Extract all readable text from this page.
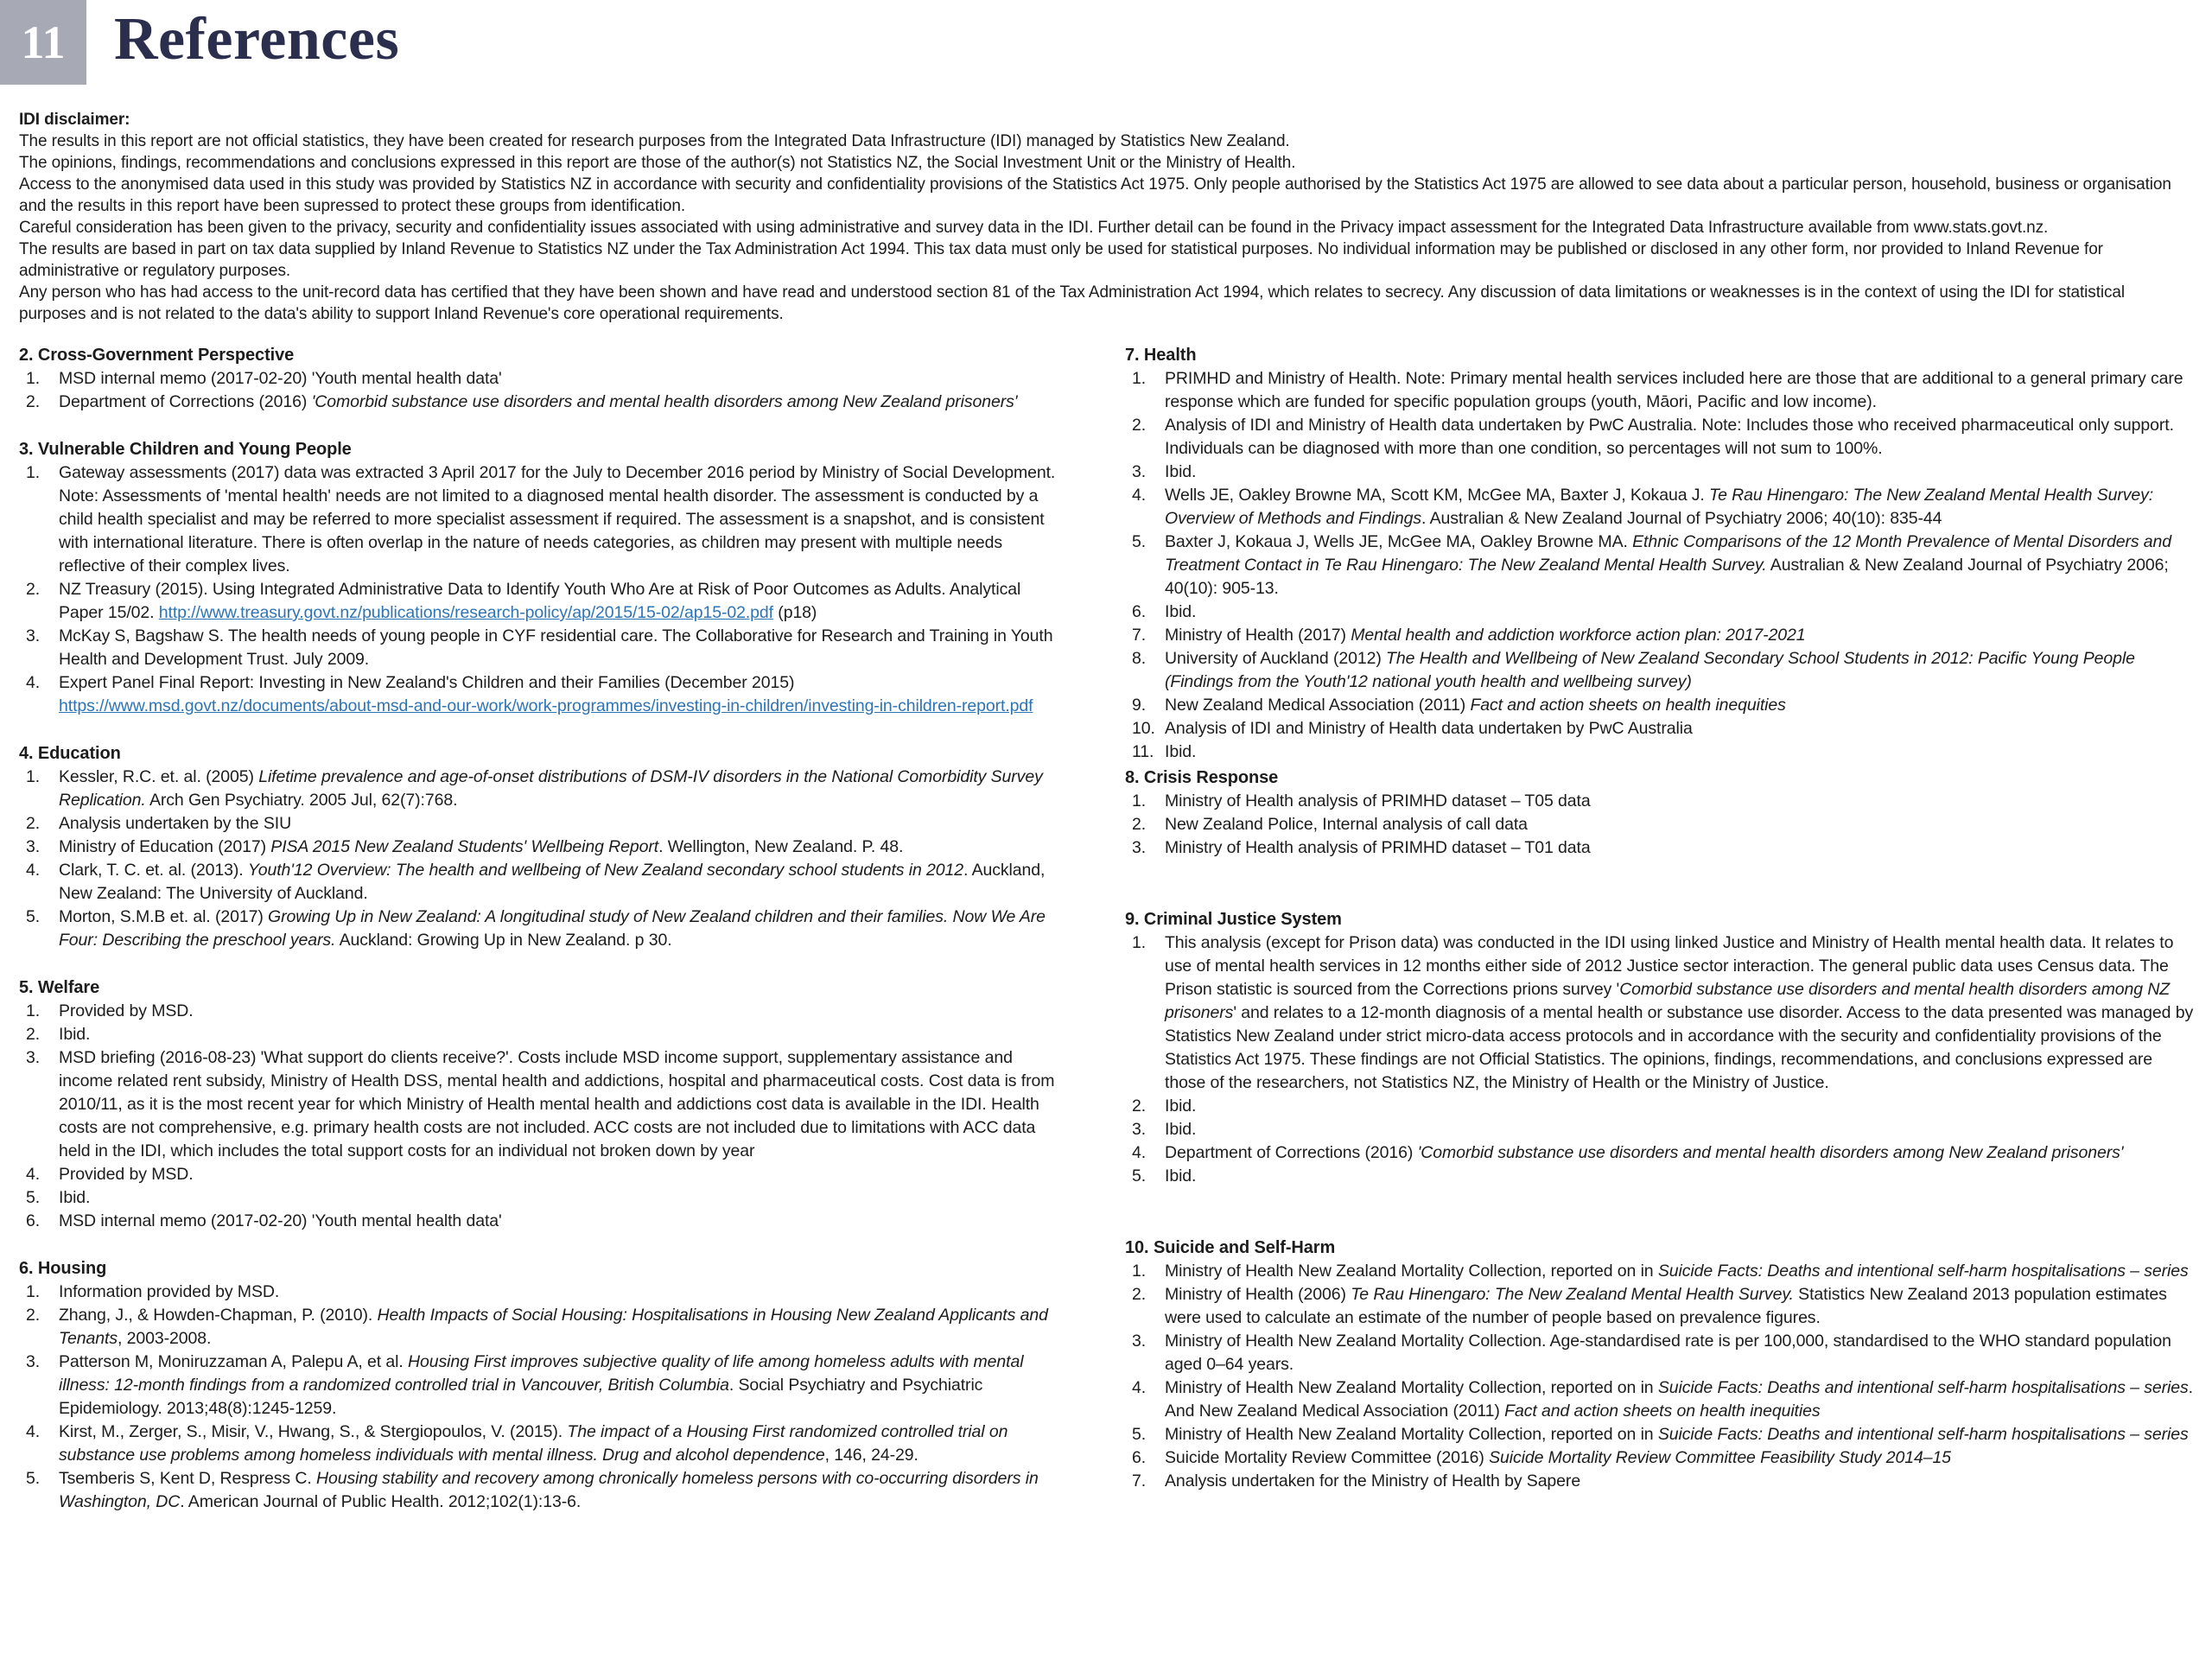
11 References
IDI disclaimer:

The results in this report are not official statistics, they have been created for research purposes from the Integrated Data Infrastructure (IDI) managed by Statistics New Zealand.

The opinions, findings, recommendations and conclusions expressed in this report are those of the author(s) not Statistics NZ, the Social Investment Unit or the Ministry of Health.

Access to the anonymised data used in this study was provided by Statistics NZ in accordance with security and confidentiality provisions of the Statistics Act 1975. Only people authorised by the Statistics Act 1975 are allowed to see data about a particular person, household, business or organisation and the results in this report have been supressed to protect these groups from identification.

Careful consideration has been given to the privacy, security and confidentiality issues associated with using administrative and survey data in the IDI. Further detail can be found in the Privacy impact assessment for the Integrated Data Infrastructure available from www.stats.govt.nz.

The results are based in part on tax data supplied by Inland Revenue to Statistics NZ under the Tax Administration Act 1994. This tax data must only be used for statistical purposes. No individual information may be published or disclosed in any other form, nor provided to Inland Revenue for administrative or regulatory purposes.

Any person who has had access to the unit-record data has certified that they have been shown and have read and understood section 81 of the Tax Administration Act 1994, which relates to secrecy. Any discussion of data limitations or weaknesses is in the context of using the IDI for statistical purposes and is not related to the data's ability to support Inland Revenue's core operational requirements.

2. Cross-Government Perspective
MSD internal memo (2017-02-20) 'Youth mental health data'
Department of Corrections (2016) 'Comorbid substance use disorders and mental health disorders among New Zealand prisoners'
3. Vulnerable Children and Young People
Gateway assessments (2017) data was extracted 3 April 2017 for the July to December 2016 period by Ministry of Social Development. Note: Assessments of 'mental health' needs are not limited to a diagnosed mental health disorder. The assessment is conducted by a child health specialist and may be referred to more specialist assessment if required. The assessment is a snapshot, and is consistent with international literature. There is often overlap in the nature of needs categories, as children may present with multiple needs reflective of their complex lives.
NZ Treasury (2015). Using Integrated Administrative Data to Identify Youth Who Are at Risk of Poor Outcomes as Adults. Analytical Paper 15/02. http://www.treasury.govt.nz/publications/research-policy/ap/2015/15-02/ap15-02.pdf (p18)
McKay S, Bagshaw S. The health needs of young people in CYF residential care. The Collaborative for Research and Training in Youth Health and Development Trust. July 2009.
Expert Panel Final Report: Investing in New Zealand's Children and their Families (December 2015)
https://www.msd.govt.nz/documents/about-msd-and-our-work/work-programmes/investing-in-children/investing-in-children-report.pdf
4. Education
Kessler, R.C. et. al. (2005) Lifetime prevalence and age-of-onset distributions of DSM-IV disorders in the National Comorbidity Survey Replication. Arch Gen Psychiatry. 2005 Jul, 62(7):768.
Analysis undertaken by the SIU
Ministry of Education (2017) PISA 2015 New Zealand Students' Wellbeing Report. Wellington, New Zealand. P. 48.
Clark, T. C. et. al. (2013). Youth'12 Overview: The health and wellbeing of New Zealand secondary school students in 2012. Auckland, New Zealand: The University of Auckland.
Morton, S.M.B et. al. (2017) Growing Up in New Zealand: A longitudinal study of New Zealand children and their families. Now We Are Four: Describing the preschool years. Auckland: Growing Up in New Zealand. p 30.
5. Welfare
Provided by MSD.
Ibid.
MSD briefing (2016-08-23) 'What support do clients receive?'. Costs include MSD income support, supplementary assistance and income related rent subsidy, Ministry of Health DSS, mental health and addictions, hospital and pharmaceutical costs. Cost data is from 2010/11, as it is the most recent year for which Ministry of Health mental health and addictions cost data is available in the IDI. Health costs are not comprehensive, e.g. primary health costs are not included. ACC costs are not included due to limitations with ACC data held in the IDI, which includes the total support costs for an individual not broken down by year
Provided by MSD.
Ibid.
MSD internal memo (2017-02-20) 'Youth mental health data'
6. Housing
Information provided by MSD.
Zhang, J., & Howden-Chapman, P. (2010). Health Impacts of Social Housing: Hospitalisations in Housing New Zealand Applicants and Tenants, 2003-2008.
Patterson M, Moniruzzaman A, Palepu A, et al. Housing First improves subjective quality of life among homeless adults with mental illness: 12-month findings from a randomized controlled trial in Vancouver, British Columbia. Social Psychiatry and Psychiatric Epidemiology. 2013;48(8):1245-1259.
Kirst, M., Zerger, S., Misir, V., Hwang, S., & Stergiopoulos, V. (2015). The impact of a Housing First randomized controlled trial on substance use problems among homeless individuals with mental illness. Drug and alcohol dependence, 146, 24-29.
Tsemberis S, Kent D, Respress C. Housing stability and recovery among chronically homeless persons with co-occurring disorders in Washington, DC. American Journal of Public Health. 2012;102(1):13-6.
7. Health
PRIMHD and Ministry of Health. Note: Primary mental health services included here are those that are additional to a general primary care response which are funded for specific population groups (youth, Māori, Pacific and low income).
Analysis of IDI and Ministry of Health data undertaken by PwC Australia. Note: Includes those who received pharmaceutical only support. Individuals can be diagnosed with more than one condition, so percentages will not sum to 100%.
Ibid.
Wells JE, Oakley Browne MA, Scott KM, McGee MA, Baxter J, Kokaua J. Te Rau Hinengaro: The New Zealand Mental Health Survey: Overview of Methods and Findings. Australian & New Zealand Journal of Psychiatry 2006; 40(10): 835-44
Baxter J, Kokaua J, Wells JE, McGee MA, Oakley Browne MA. Ethnic Comparisons of the 12 Month Prevalence of Mental Disorders and Treatment Contact in Te Rau Hinengaro: The New Zealand Mental Health Survey. Australian & New Zealand Journal of Psychiatry 2006; 40(10): 905-13.
Ibid.
Ministry of Health (2017) Mental health and addiction workforce action plan: 2017-2021
University of Auckland (2012) The Health and Wellbeing of New Zealand Secondary School Students in 2012: Pacific Young People (Findings from the Youth'12 national youth health and wellbeing survey)
New Zealand Medical Association (2011) Fact and action sheets on health inequities
Analysis of IDI and Ministry of Health data undertaken by PwC Australia
Ibid.
8. Crisis Response
Ministry of Health analysis of PRIMHD dataset – T05 data
New Zealand Police, Internal analysis of call data
Ministry of Health analysis of PRIMHD dataset – T01 data
9. Criminal Justice System
This analysis (except for Prison data) was conducted in the IDI using linked Justice and Ministry of Health mental health data. It relates to use of mental health services in 12 months either side of 2012 Justice sector interaction. The general public data uses Census data. The Prison statistic is sourced from the Corrections prions survey 'Comorbid substance use disorders and mental health disorders among NZ prisoners' and relates to a 12-month diagnosis of a mental health or substance use disorder. Access to the data presented was managed by Statistics New Zealand under strict micro-data access protocols and in accordance with the security and confidentiality provisions of the Statistics Act 1975. These findings are not Official Statistics. The opinions, findings, recommendations, and conclusions expressed are those of the researchers, not Statistics NZ, the Ministry of Health or the Ministry of Justice.
Ibid.
Ibid.
Department of Corrections (2016) 'Comorbid substance use disorders and mental health disorders among New Zealand prisoners'
Ibid.
10. Suicide and Self-Harm
Ministry of Health New Zealand Mortality Collection, reported on in Suicide Facts: Deaths and intentional self-harm hospitalisations – series
Ministry of Health (2006) Te Rau Hinengaro: The New Zealand Mental Health Survey. Statistics New Zealand 2013 population estimates were used to calculate an estimate of the number of people based on prevalence figures.
Ministry of Health New Zealand Mortality Collection. Age-standardised rate is per 100,000, standardised to the WHO standard population aged 0–64 years.
Ministry of Health New Zealand Mortality Collection, reported on in Suicide Facts: Deaths and intentional self-harm hospitalisations – series. And New Zealand Medical Association (2011) Fact and action sheets on health inequities
Ministry of Health New Zealand Mortality Collection, reported on in Suicide Facts: Deaths and intentional self-harm hospitalisations – series
Suicide Mortality Review Committee (2016) Suicide Mortality Review Committee Feasibility Study 2014–15
Analysis undertaken for the Ministry of Health by Sapere
